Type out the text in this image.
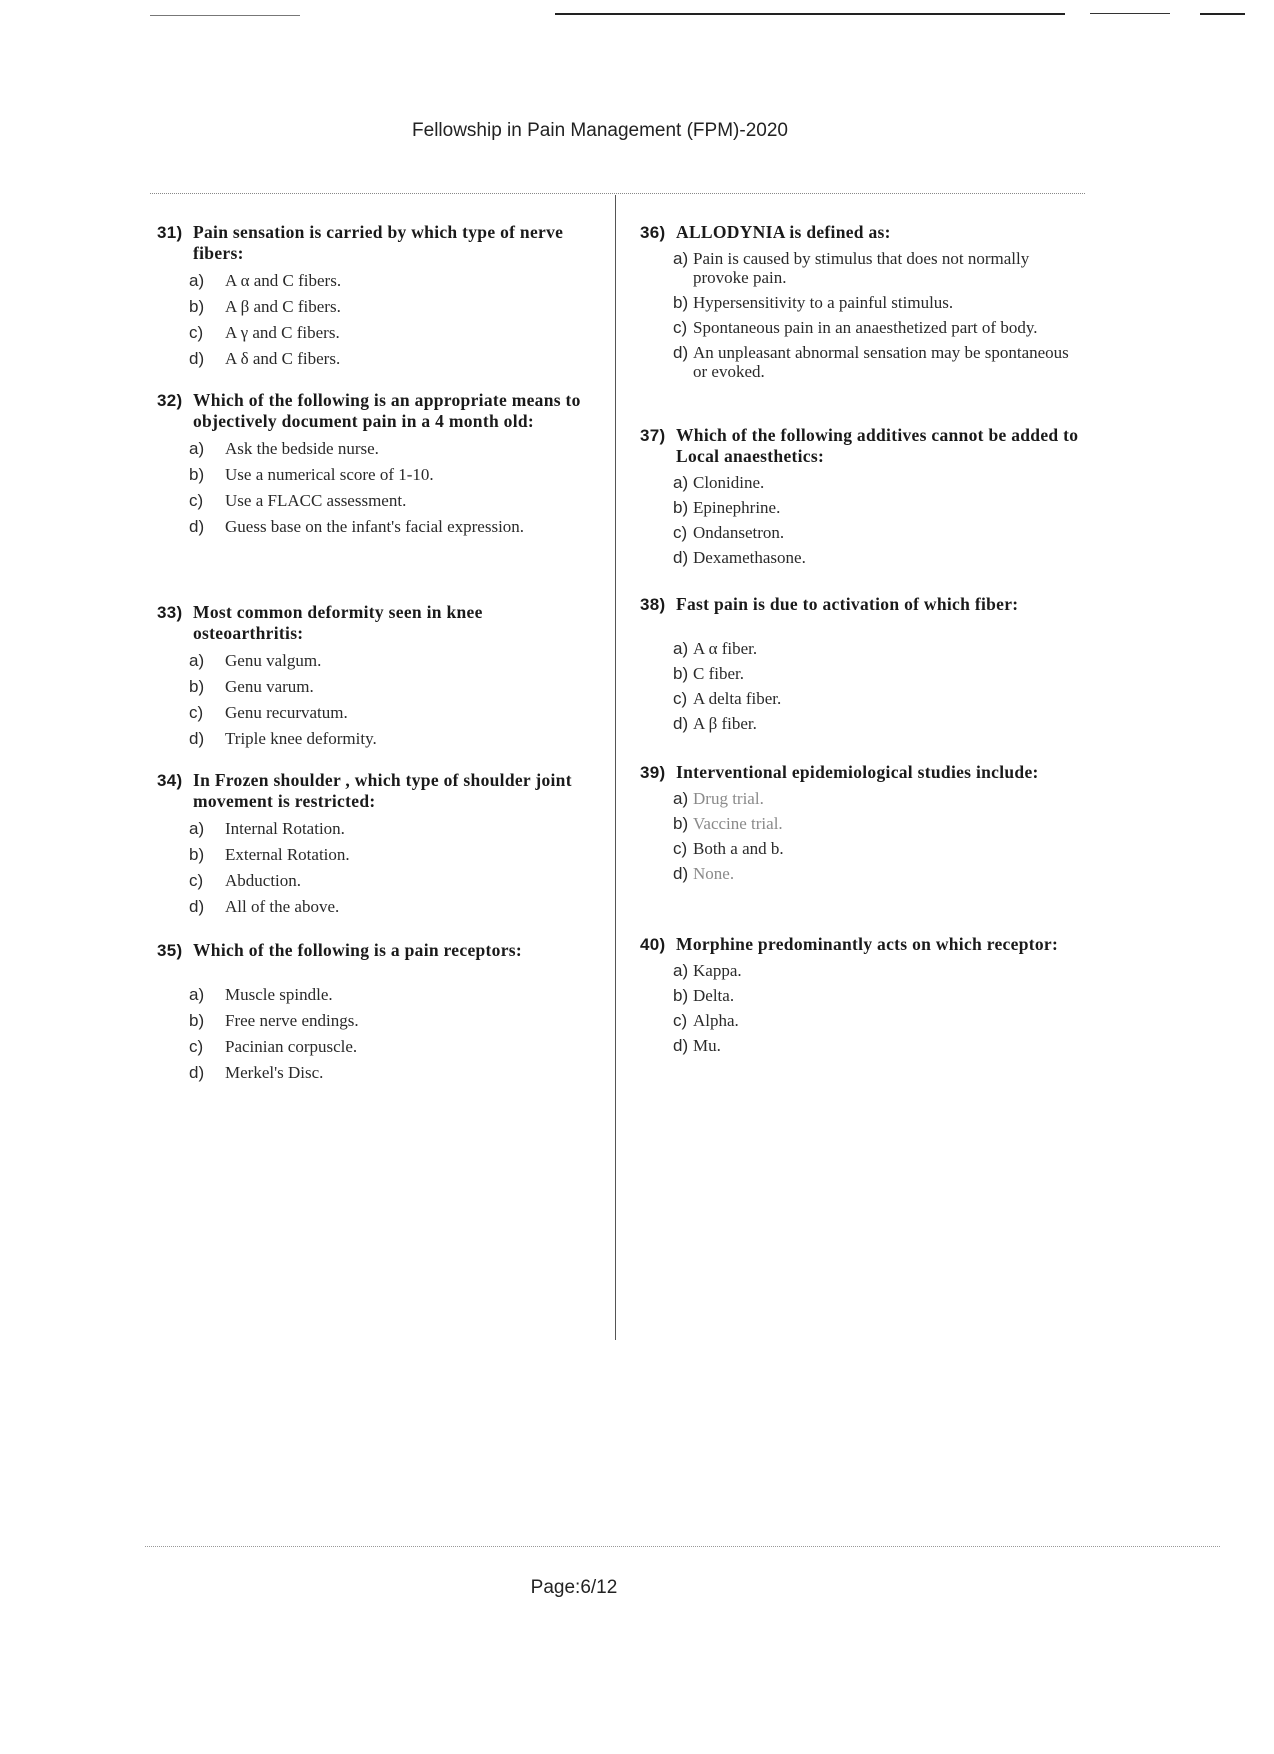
Fellowship in Pain Management (FPM)-2020
31) Pain sensation is carried by which type of nerve fibers:
a) A α and C fibers.
b) A β and C fibers.
c) A γ and C fibers.
d) A δ and C fibers.
32) Which of the following is an appropriate means to objectively document pain in a 4 month old:
a) Ask the bedside nurse.
b) Use a numerical score of 1-10.
c) Use a FLACC assessment.
d) Guess base on the infant's facial expression.
33) Most common deformity seen in knee osteoarthritis:
a) Genu valgum.
b) Genu varum.
c) Genu recurvatum.
d) Triple knee deformity.
34) In Frozen shoulder , which type of shoulder joint movement is restricted:
a) Internal Rotation.
b) External Rotation.
c) Abduction.
d) All of the above.
35) Which of the following is a pain receptors:
a) Muscle spindle.
b) Free nerve endings.
c) Pacinian corpuscle.
d) Merkel's Disc.
36) ALLODYNIA is defined as:
a) Pain is caused by stimulus that does not normally provoke pain.
b) Hypersensitivity to a painful stimulus.
c) Spontaneous pain in an anaesthetized part of body.
d) An unpleasant abnormal sensation may be spontaneous or evoked.
37) Which of the following additives cannot be added to Local anaesthetics:
a) Clonidine.
b) Epinephrine.
c) Ondansetron.
d) Dexamethasone.
38) Fast pain is due to activation of which fiber:
a) A α fiber.
b) C fiber.
c) A delta fiber.
d) A β fiber.
39) Interventional epidemiological studies include:
a) Drug trial.
b) Vaccine trial.
c) Both a and b.
d) None.
40) Morphine predominantly acts on which receptor:
a) Kappa.
b) Delta.
c) Alpha.
d) Mu.
Page:6/12
